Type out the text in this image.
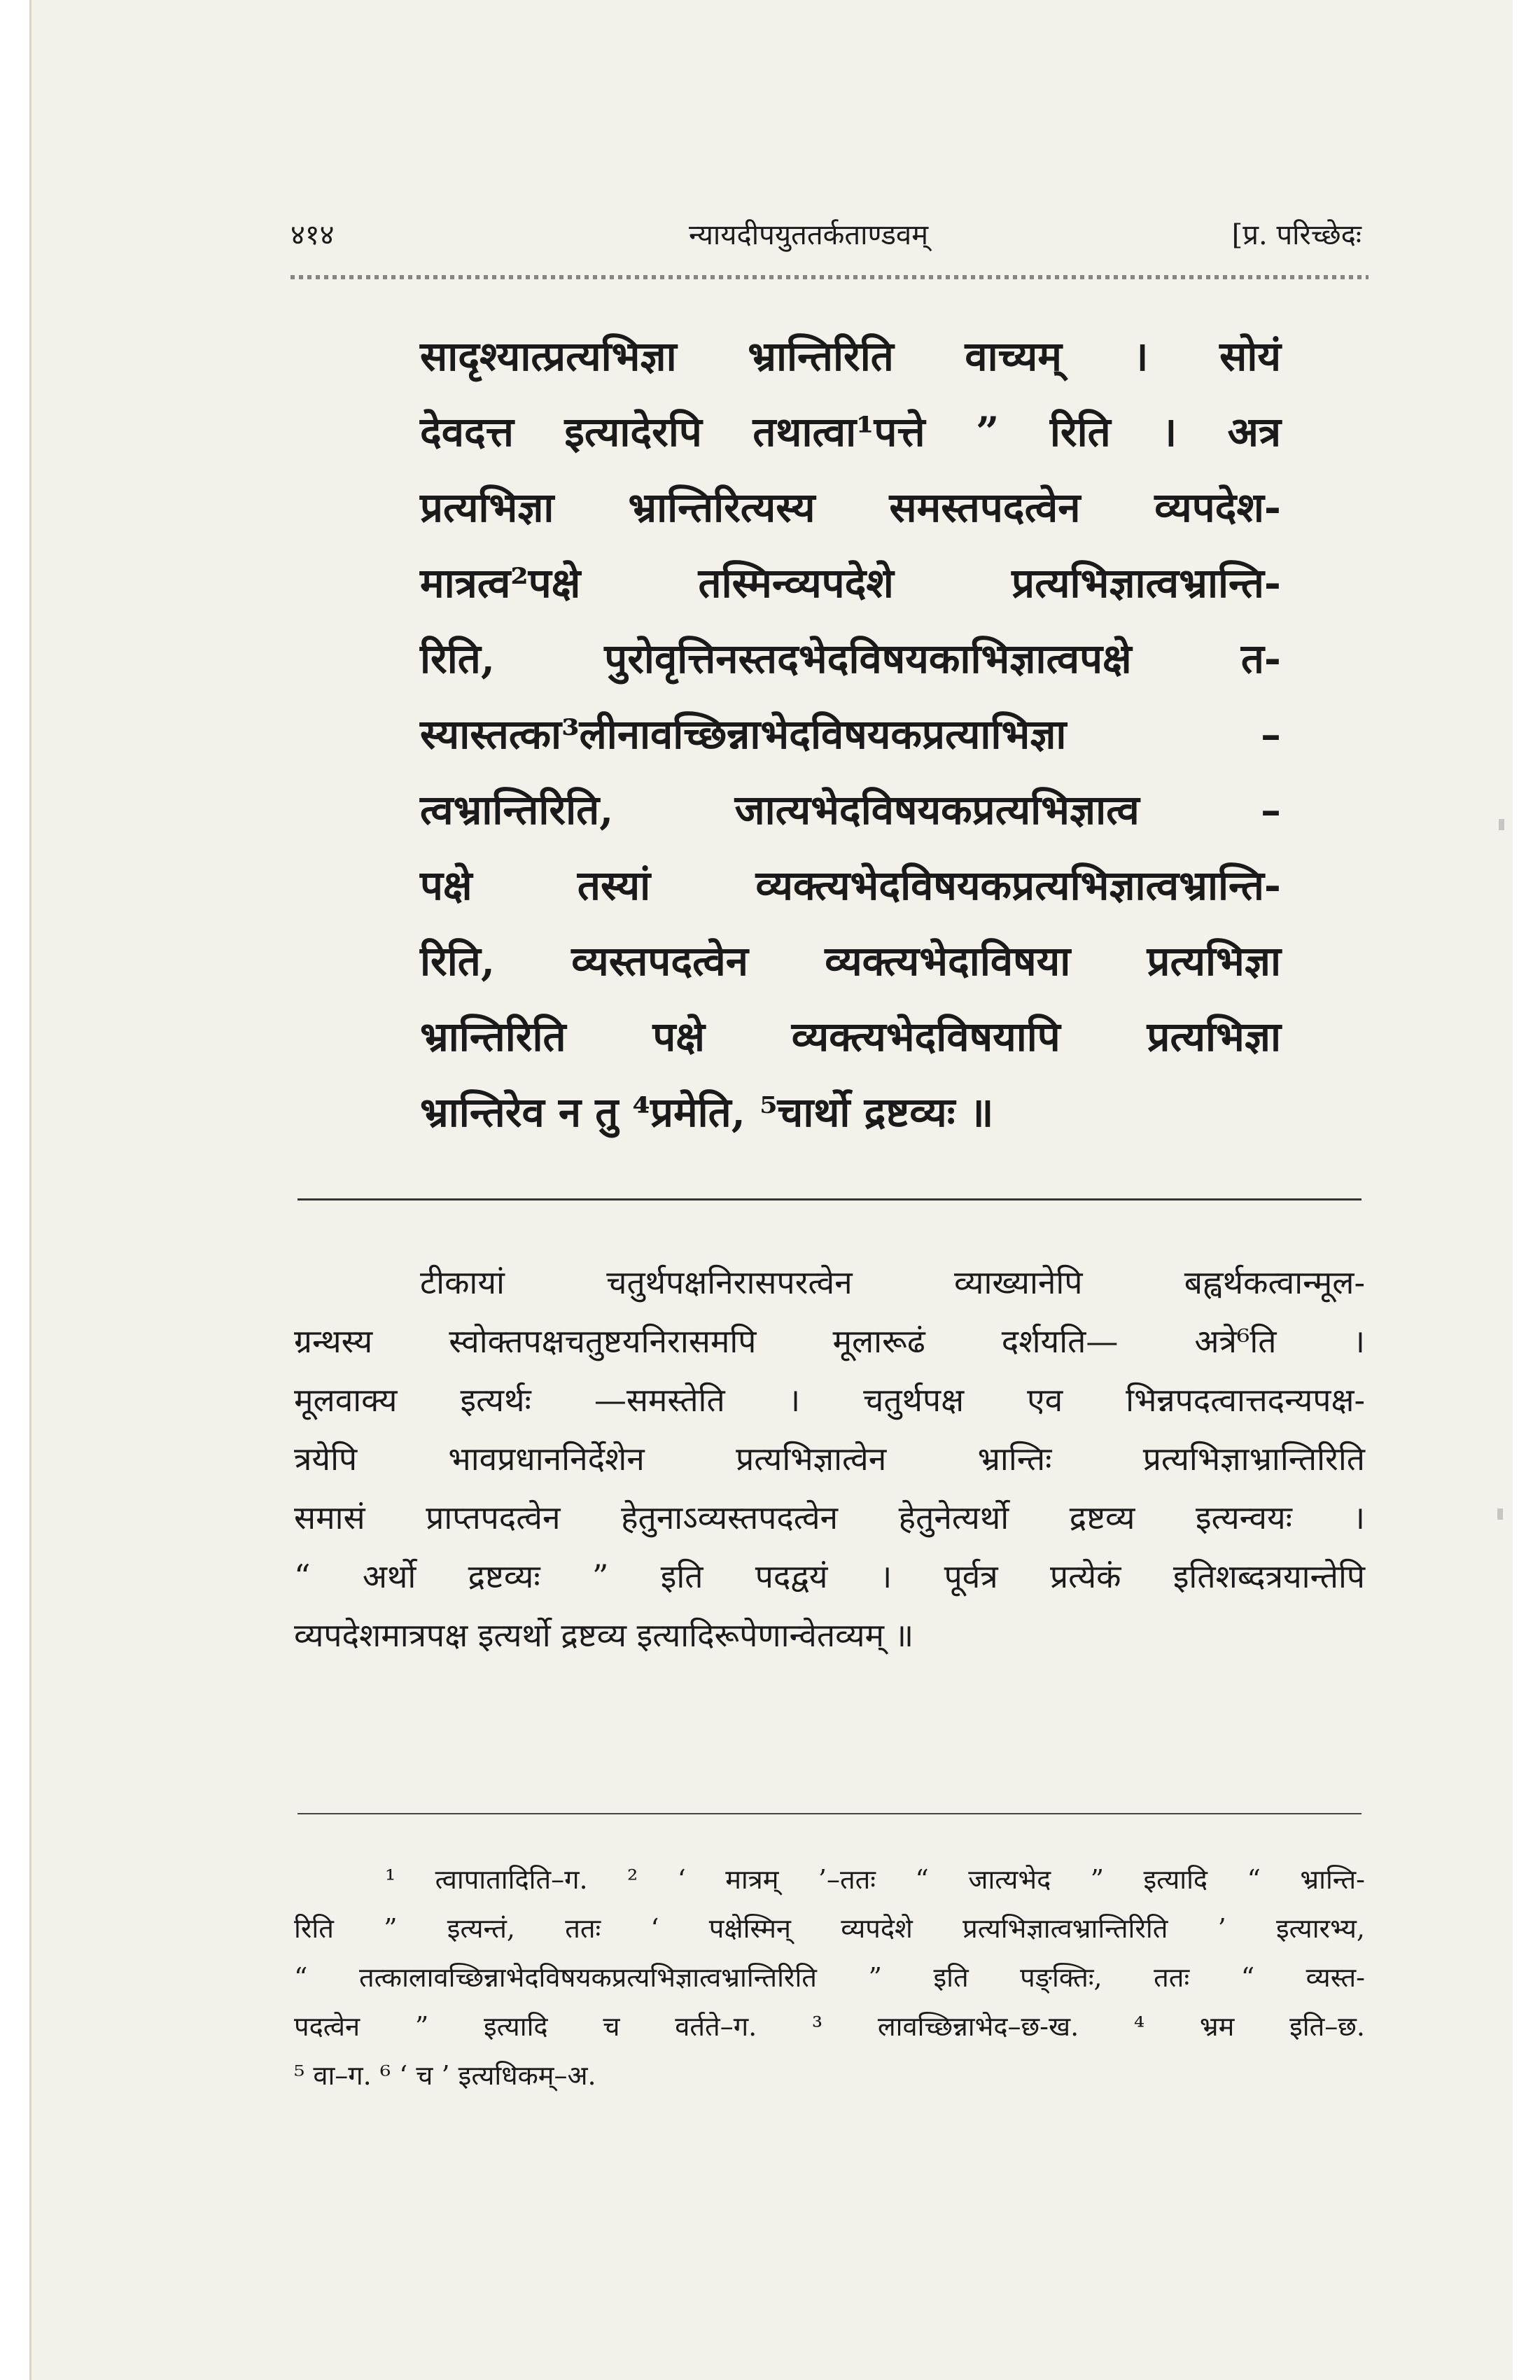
४१४	न्यायदीपयुततर्कताण्डवम्	[प्र. परिच्छेदः
सादृश्यात्प्रत्यभिज्ञा भ्रान्तिरिति वाच्यम् । सोयं
देवदत्त इत्यादेरपि तथात्वा¹पत्ते ” रिति । अत्र
प्रत्यभिज्ञा भ्रान्तिरित्यस्य समस्तपदत्वेन व्यपदेश-
मात्रत्व²पक्षे तस्मिन्व्यपदेशे प्रत्यभिज्ञात्वभ्रान्ति-
रिति, पुरोवृत्तिनस्तदभेदविषयकाभिज्ञात्वपक्षे त-
स्यास्तत्का³लीनावच्छिन्नाभेदविषयकप्रत्याभिज्ञा –
त्वभ्रान्तिरिति, जात्यभेदविषयकप्रत्यभिज्ञात्व –
पक्षे तस्यां व्यक्त्यभेदविषयकप्रत्यभिज्ञात्वभ्रान्ति-
रिति, व्यस्तपदत्वेन व्यक्त्यभेदाविषया प्रत्यभिज्ञा
भ्रान्तिरिति पक्षे व्यक्त्यभेदविषयापि प्रत्यभिज्ञा
भ्रान्तिरेव न तु ⁴प्रमेति, ⁵चार्थो द्रष्टव्यः ॥
टीकायां चतुर्थपक्षनिरासपरत्वेन व्याख्यानेपि बह्वर्थकत्वान्मूल-
ग्रन्थस्य स्वोक्तपक्षचतुष्टयनिरासमपि मूलारूढं दर्शयति— अत्रे⁶ति ।
मूलवाक्य इत्यर्थः —समस्तेति । चतुर्थपक्ष एव भिन्नपदत्वात्तदन्यपक्ष-
त्रयेपि भावप्रधाननिर्देशेन प्रत्यभिज्ञात्वेन भ्रान्तिः प्रत्यभिज्ञाभ्रान्तिरिति
समासं प्राप्तपदत्वेन हेतुनाऽव्यस्तपदत्वेन हेतुनेत्यर्थो द्रष्टव्य इत्यन्वयः ।
“ अर्थो द्रष्टव्यः ” इति पदद्वयं । पूर्वत्र प्रत्येकं इतिशब्दत्रयान्तेपि
व्यपदेशमात्रपक्ष इत्यर्थो द्रष्टव्य इत्यादिरूपेणान्वेतव्यम् ॥
¹ त्वापातादिति–ग. ² ‘ मात्रम् ’–ततः “ जात्यभेद ” इत्यादि “ भ्रान्ति-
रिति ” इत्यन्तं, ततः ‘ पक्षेस्मिन् व्यपदेशे प्रत्यभिज्ञात्वभ्रान्तिरिति ’ इत्यारभ्य,
“ तत्कालावच्छिन्नाभेदविषयकप्रत्यभिज्ञात्वभ्रान्तिरिति ” इति पङ्क्तिः, ततः “ व्यस्त-
पदत्वेन ” इत्यादि च वर्तते–ग. ³ लावच्छिन्नाभेद–छ-ख. ⁴ भ्रम इति–छ.
⁵ वा–ग. ⁶ ‘ च ’ इत्यधिकम्–अ.
